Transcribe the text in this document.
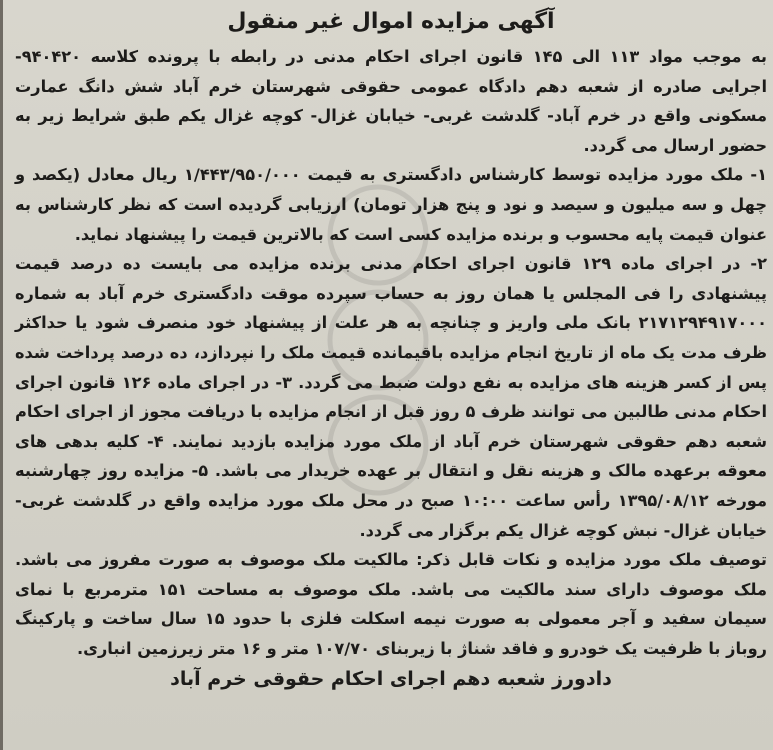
آگهی مزایده اموال غیر منقول

به موجب مواد ۱۱۳ الی ۱۴۵ قانون اجرای احکام مدنی در رابطه با پرونده کلاسه ۹۴۰۴۲۰- اجرایی صادره از شعبه دهم دادگاه عمومی حقوقی شهرستان خرم آباد شش دانگ عمارت مسکونی واقع در خرم آباد- گلدشت غربی- خیابان غزال- کوچه غزال یکم طبق شرایط زیر به حضور ارسال می گردد.

۱- ملک مورد مزایده توسط کارشناس دادگستری به قیمت ۱/۴۴۳/۹۵۰/۰۰۰ ریال معادل (یکصد و چهل و سه میلیون و سیصد و نود و پنج هزار تومان) ارزیابی گردیده است که نظر کارشناس به عنوان قیمت پایه محسوب و برنده مزایده کسی است که بالاترین قیمت را پیشنهاد نماید.

۲- در اجرای ماده ۱۲۹ قانون اجرای احکام مدنی برنده مزایده می بایست ده درصد قیمت پیشنهادی را فی المجلس یا همان روز به حساب سپرده موقت دادگستری خرم آباد به شماره ۲۱۷۱۲۹۴۹۱۷۰۰۰ بانک ملی واریز و چنانچه به هر علت از پیشنهاد خود منصرف شود یا حداکثر ظرف مدت یک ماه از تاریخ انجام مزایده باقیمانده قیمت ملک را نپردازد، ده درصد پرداخت شده پس از کسر هزینه های مزایده به نفع دولت ضبط می گردد. ۳- در اجرای ماده ۱۲۶ قانون اجرای احکام مدنی طالبین می توانند ظرف ۵ روز قبل از انجام مزایده با دریافت مجوز از اجرای احکام شعبه دهم حقوقی شهرستان خرم آباد از ملک مورد مزایده بازدید نمایند. ۴- کلیه بدهی های معوقه برعهده مالک و هزینه نقل و انتقال بر عهده خریدار می باشد. ۵- مزایده روز چهارشنبه مورخه ۱۳۹۵/۰۸/۱۲ رأس ساعت ۱۰:۰۰ صبح در محل ملک مورد مزایده واقع در گلدشت غربی- خیابان غزال- نبش کوچه غزال یکم برگزار می گردد.

توصیف ملک مورد مزایده و نکات قابل ذکر: مالکیت ملک موصوف به صورت مفروز می باشد. ملک موصوف دارای سند مالکیت می باشد. ملک موصوف به مساحت ۱۵۱ مترمربع با نمای سیمان سفید و آجر معمولی به صورت نیمه اسکلت فلزی با حدود ۱۵ سال ساخت و پارکینگ روباز با ظرفیت یک خودرو و فاقد شناژ با زیربنای ۱۰۷/۷۰ متر و ۱۶ متر زیرزمین انباری.

دادورز شعبه دهم اجرای احکام حقوقی خرم آباد
